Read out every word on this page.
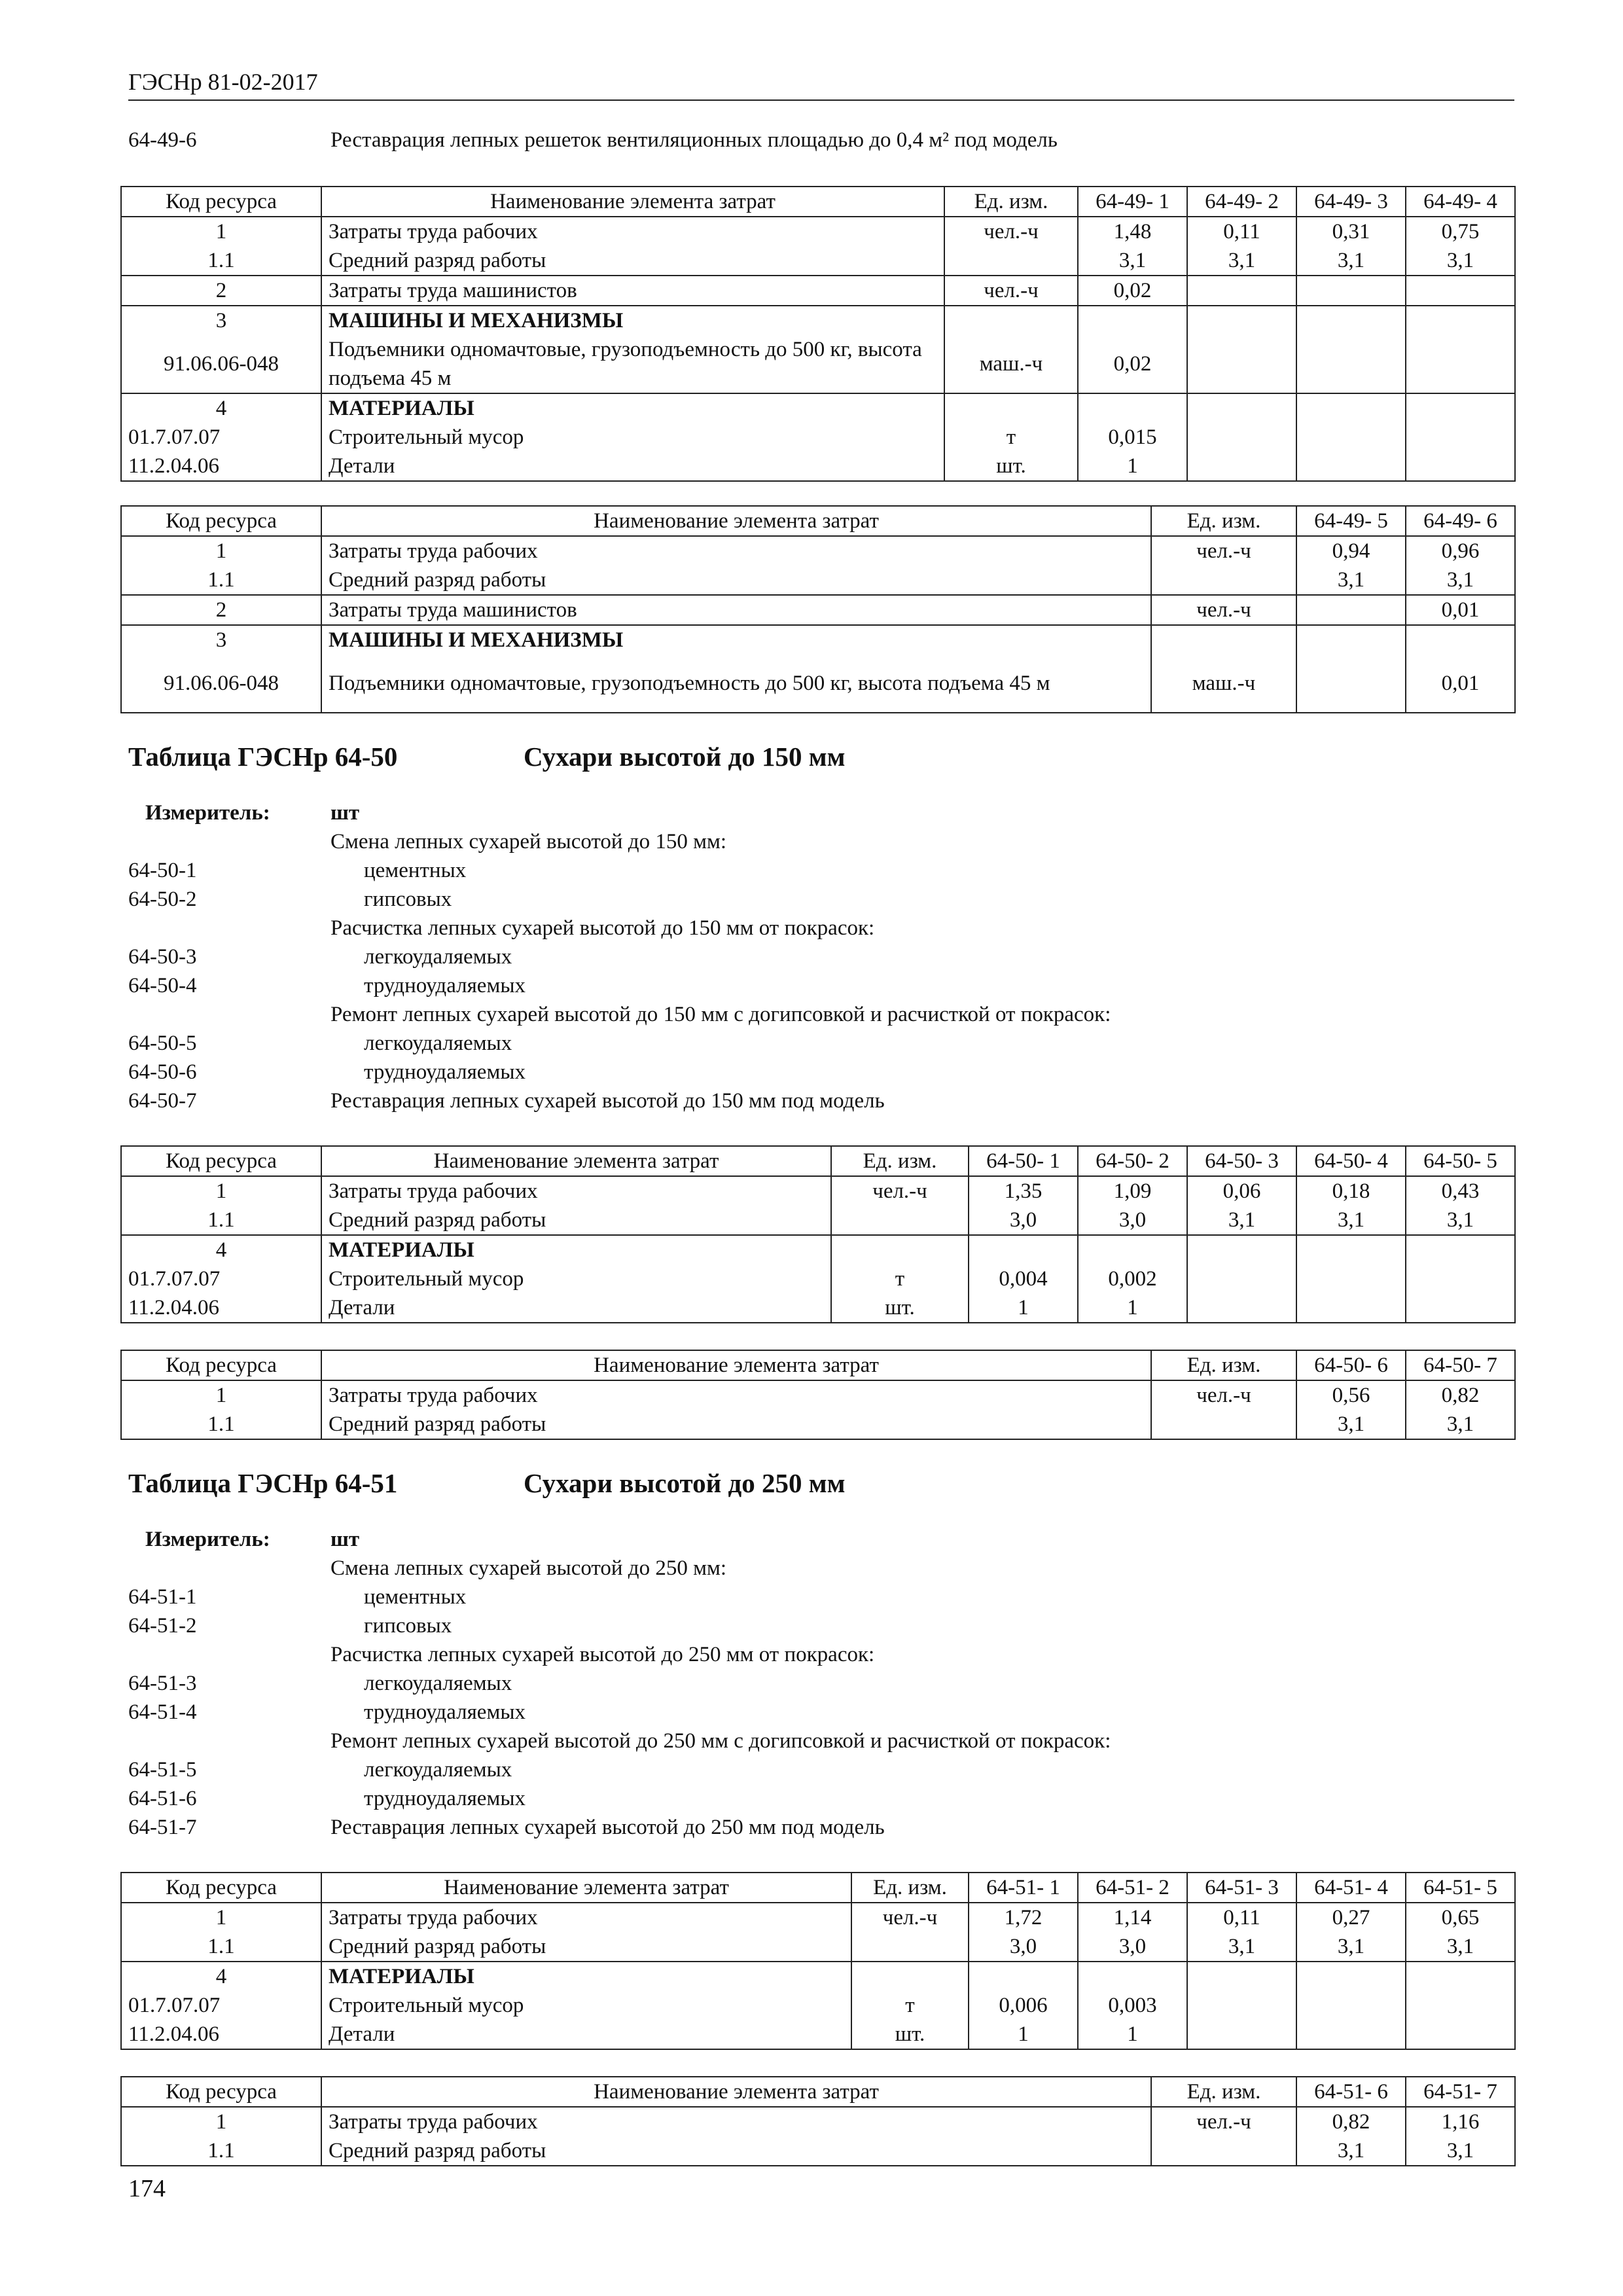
ГЭСНр 81-02-2017
64-49-6	Реставрация лепных решеток вентиляционных площадью до 0,4 м² под модель
Код ресурса	Наименование элемента затрат	Ед. изм.	64-49- 1	64-49- 2	64-49- 3	64-49- 4
1	Затраты труда рабочих	чел.-ч	1,48	0,11	0,31	0,75
1.1	Средний разряд работы		3,1	3,1	3,1	3,1
2	Затраты труда машинистов	чел.-ч	0,02			
3	МАШИНЫ И МЕХАНИЗМЫ					
91.06.06-048	Подъемники одномачтовые, грузоподъемность до 500 кг, высота подъема 45 м	маш.-ч	0,02			
4	МАТЕРИАЛЫ					
01.7.07.07	Строительный мусор	т	0,015			
11.2.04.06	Детали	шт.	1			
Код ресурса	Наименование элемента затрат	Ед. изм.	64-49- 5	64-49- 6
1	Затраты труда рабочих	чел.-ч	0,94	0,96
1.1	Средний разряд работы		3,1	3,1
2	Затраты труда машинистов	чел.-ч		0,01
3	МАШИНЫ И МЕХАНИЗМЫ			
91.06.06-048	Подъемники одномачтовые, грузоподъемность до 500 кг, высота подъема 45 м	маш.-ч		0,01
Таблица ГЭСНр 64-50	Сухари высотой до 150 мм
Измеритель:	шт
Смена лепных сухарей высотой до 150 мм:
64-50-1	цементных
64-50-2	гипсовых
Расчистка лепных сухарей высотой до 150 мм от покрасок:
64-50-3	легкоудаляемых
64-50-4	трудноудаляемых
Ремонт лепных сухарей высотой до 150 мм с догипсовкой и расчисткой от покрасок:
64-50-5	легкоудаляемых
64-50-6	трудноудаляемых
64-50-7	Реставрация лепных сухарей высотой до 150 мм под модель
Код ресурса	Наименование элемента затрат	Ед. изм.	64-50- 1	64-50- 2	64-50- 3	64-50- 4	64-50- 5
1	Затраты труда рабочих	чел.-ч	1,35	1,09	0,06	0,18	0,43
1.1	Средний разряд работы		3,0	3,0	3,1	3,1	3,1
4	МАТЕРИАЛЫ						
01.7.07.07	Строительный мусор	т	0,004	0,002			
11.2.04.06	Детали	шт.	1	1			
Код ресурса	Наименование элемента затрат	Ед. изм.	64-50- 6	64-50- 7
1	Затраты труда рабочих	чел.-ч	0,56	0,82
1.1	Средний разряд работы		3,1	3,1
Таблица ГЭСНр 64-51	Сухари высотой до 250 мм
Измеритель:	шт
Смена лепных сухарей высотой до 250 мм:
64-51-1	цементных
64-51-2	гипсовых
Расчистка лепных сухарей высотой до 250 мм от покрасок:
64-51-3	легкоудаляемых
64-51-4	трудноудаляемых
Ремонт лепных сухарей высотой до 250 мм с догипсовкой и расчисткой от покрасок:
64-51-5	легкоудаляемых
64-51-6	трудноудаляемых
64-51-7	Реставрация лепных сухарей высотой до 250 мм под модель
Код ресурса	Наименование элемента затрат	Ед. изм.	64-51- 1	64-51- 2	64-51- 3	64-51- 4	64-51- 5
1	Затраты труда рабочих	чел.-ч	1,72	1,14	0,11	0,27	0,65
1.1	Средний разряд работы		3,0	3,0	3,1	3,1	3,1
4	МАТЕРИАЛЫ						
01.7.07.07	Строительный мусор	т	0,006	0,003			
11.2.04.06	Детали	шт.	1	1			
Код ресурса	Наименование элемента затрат	Ед. изм.	64-51- 6	64-51- 7
1	Затраты труда рабочих	чел.-ч	0,82	1,16
1.1	Средний разряд работы		3,1	3,1
174
